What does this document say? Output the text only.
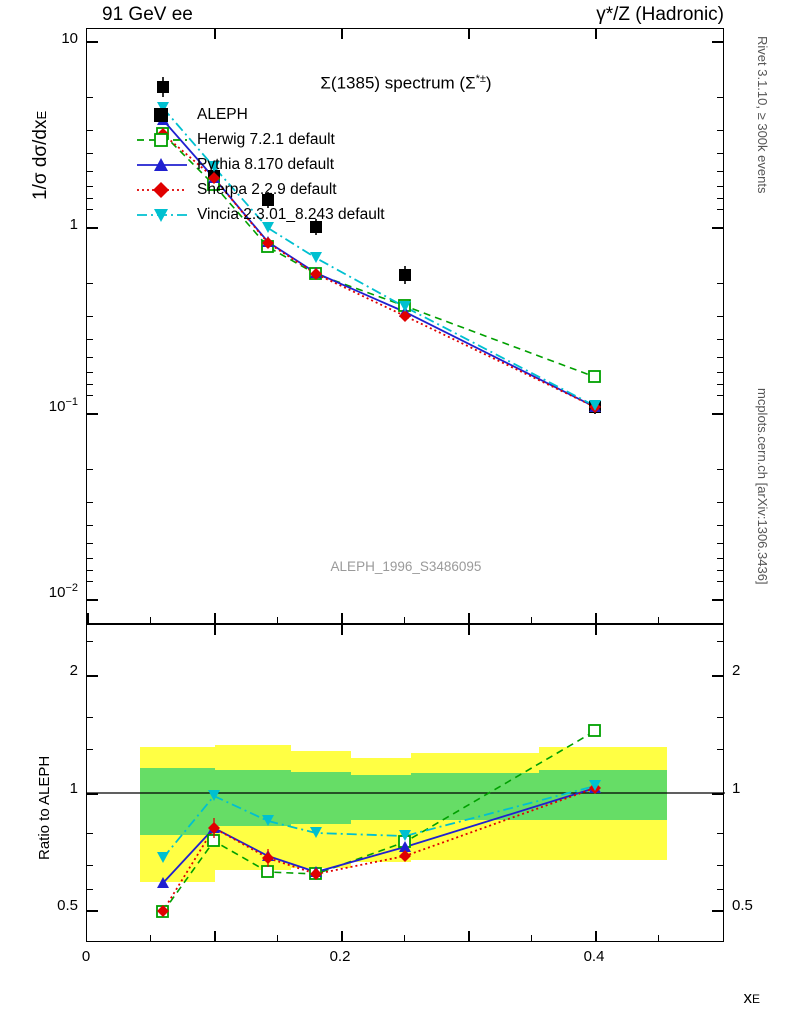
91 GeV ee	γ*/Z (Hadronic)
Rivet 3.1.10, ≥ 300k events
mcplots.cern.ch [arXiv:1306.3436]
1/σ dσ/dxE
Σ(1385) spectrum (Σ*±)
ALEPH_1996_S3486095
10
1
$10^{-1}$
$10^{-2}$
ALEPH
Herwig 7.2.1 default
Pythia 8.170 default
Sherpa 2.2.9 default
Vincia 2.3.01_8.243 default
Ratio to ALEPH
2
1
0.5
2
1
0.5
0	0.2	0.4
xE
